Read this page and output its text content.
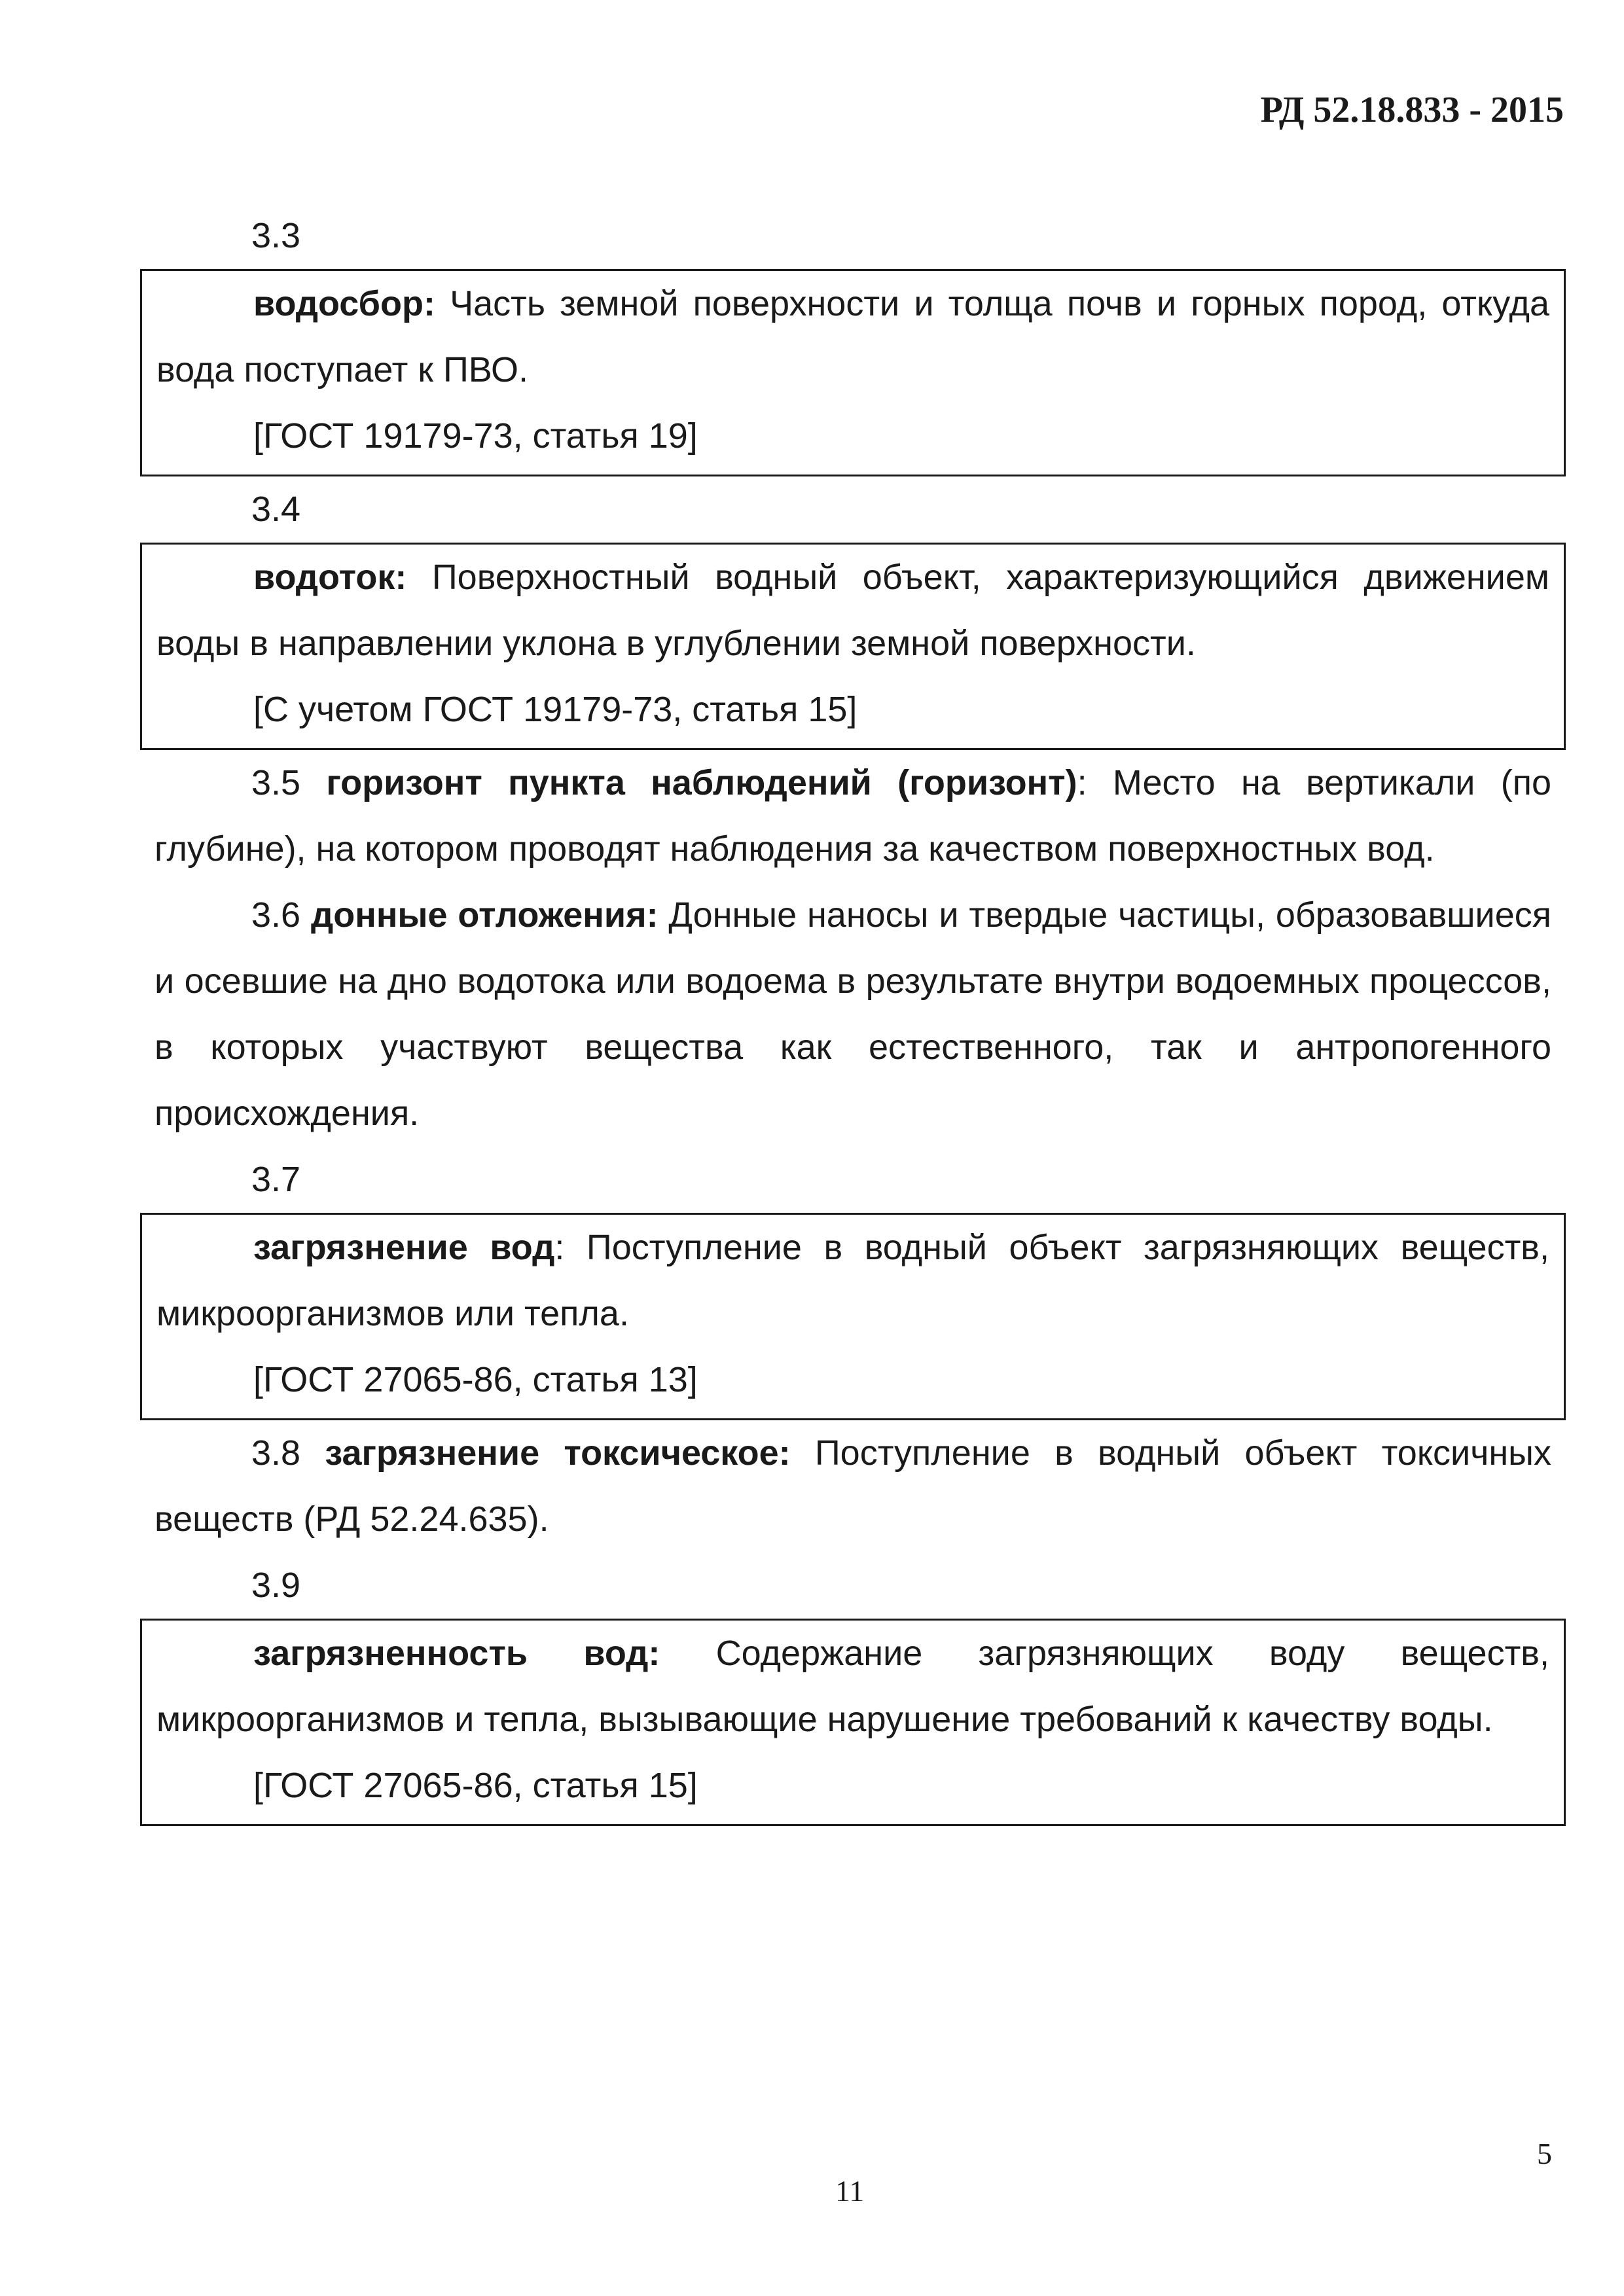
РД 52.18.833 - 2015

3.3

водосбор: Часть земной поверхности и толща почв и горных пород, откуда вода поступает к ПВО.

[ГОСТ 19179-73, статья 19]

3.4

водоток: Поверхностный водный объект, характеризующийся движением воды в направлении уклона в углублении земной поверхности.

[С учетом ГОСТ 19179-73, статья 15]

3.5 горизонт пункта наблюдений (горизонт): Место на вертикали (по глубине), на котором проводят наблюдения за качеством поверхностных вод.

3.6 донные отложения: Донные наносы и твердые частицы, образовавшиеся и осевшие на дно водотока или водоема в результате внутри водоемных процессов, в которых участвуют вещества как естественного, так и антропогенного происхождения.

3.7

загрязнение вод: Поступление в водный объект загрязняющих веществ, микроорганизмов или тепла.

[ГОСТ 27065-86, статья 13]

3.8 загрязнение токсическое: Поступление в водный объект токсичных веществ (РД 52.24.635).

3.9

загрязненность вод: Содержание загрязняющих воду веществ, микроорганизмов и тепла, вызывающие нарушение требований к качеству воды.

[ГОСТ 27065-86, статья 15]

5
11
